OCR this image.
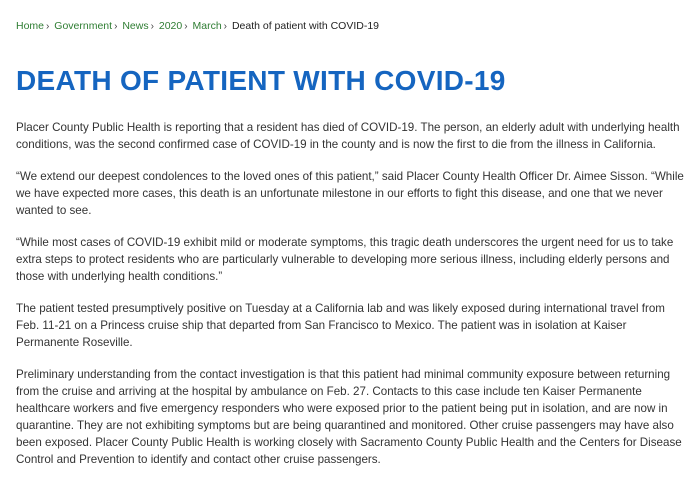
Home › Government › News › 2020 › March › Death of patient with COVID-19
DEATH OF PATIENT WITH COVID-19

Placer County Public Health is reporting that a resident has died of COVID-19. The person, an elderly adult with underlying health conditions, was the second confirmed case of COVID-19 in the county and is now the first to die from the illness in California.

“We extend our deepest condolences to the loved ones of this patient,” said Placer County Health Officer Dr. Aimee Sisson. “While we have expected more cases, this death is an unfortunate milestone in our efforts to fight this disease, and one that we never wanted to see.

“While most cases of COVID-19 exhibit mild or moderate symptoms, this tragic death underscores the urgent need for us to take extra steps to protect residents who are particularly vulnerable to developing more serious illness, including elderly persons and those with underlying health conditions.”

The patient tested presumptively positive on Tuesday at a California lab and was likely exposed during international travel from Feb. 11-21 on a Princess cruise ship that departed from San Francisco to Mexico. The patient was in isolation at Kaiser Permanente Roseville.

Preliminary understanding from the contact investigation is that this patient had minimal community exposure between returning from the cruise and arriving at the hospital by ambulance on Feb. 27. Contacts to this case include ten Kaiser Permanente healthcare workers and five emergency responders who were exposed prior to the patient being put in isolation, and are now in quarantine. They are not exhibiting symptoms but are being quarantined and monitored. Other cruise passengers may have also been exposed. Placer County Public Health is working closely with Sacramento County Public Health and the Centers for Disease Control and Prevention to identify and contact other cruise passengers.
